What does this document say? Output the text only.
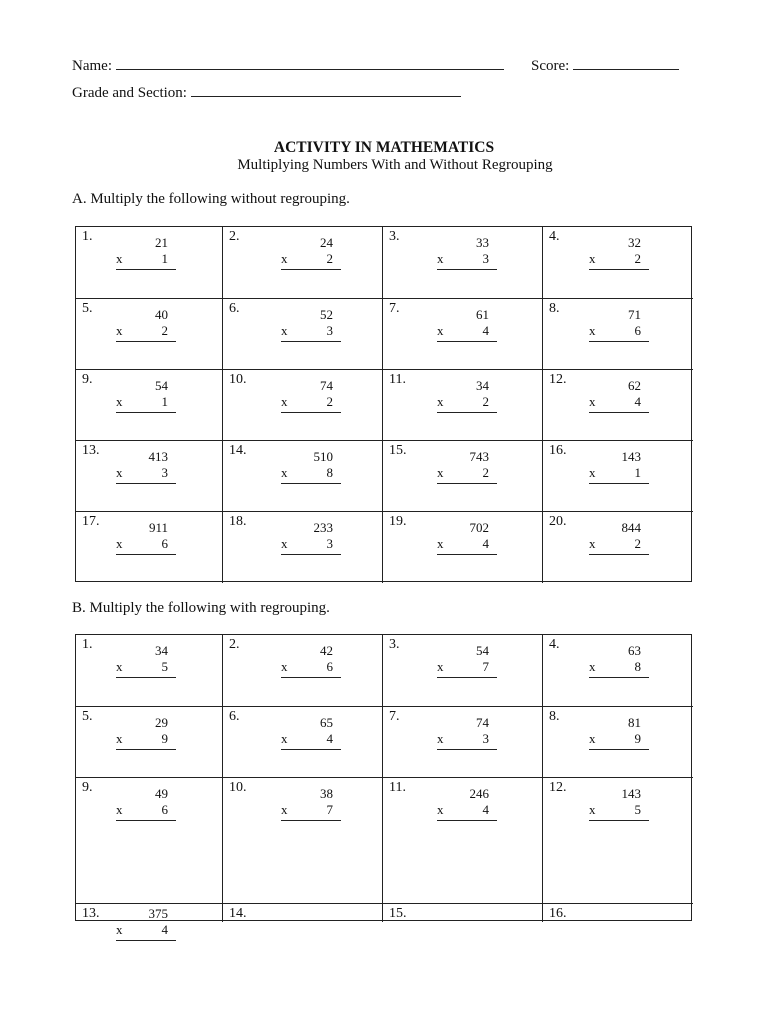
Name:	Score:
Grade and Section:
ACTIVITY IN MATHEMATICS
Multiplying Numbers With and Without Regrouping
A. Multiply the following without regrouping.
1.	21
x	1
2.	24
x	2
3.	33
x	3
4.	32
x	2
5.	40
x	2
6.	52
x	3
7.	61
x	4
8.	71
x	6
9.	54
x	1
10.	74
x	2
11.	34
x	2
12.	62
x	4
13.	413
x	3
14.	510
x	8
15.	743
x	2
16.	143
x	1
17.	911
x	6
18.	233
x	3
19.	702
x	4
20.	844
x	2
B. Multiply the following with regrouping.
1.	34
x	5
2.	42
x	6
3.	54
x	7
4.	63
x	8
5.	29
x	9
6.	65
x	4
7.	74
x	3
8.	81
x	9
9.	49
x	6
10.	38
x	7
11.	246
x	4
12.	143
x	5
13.	375
x	4
14.	15.	16.
